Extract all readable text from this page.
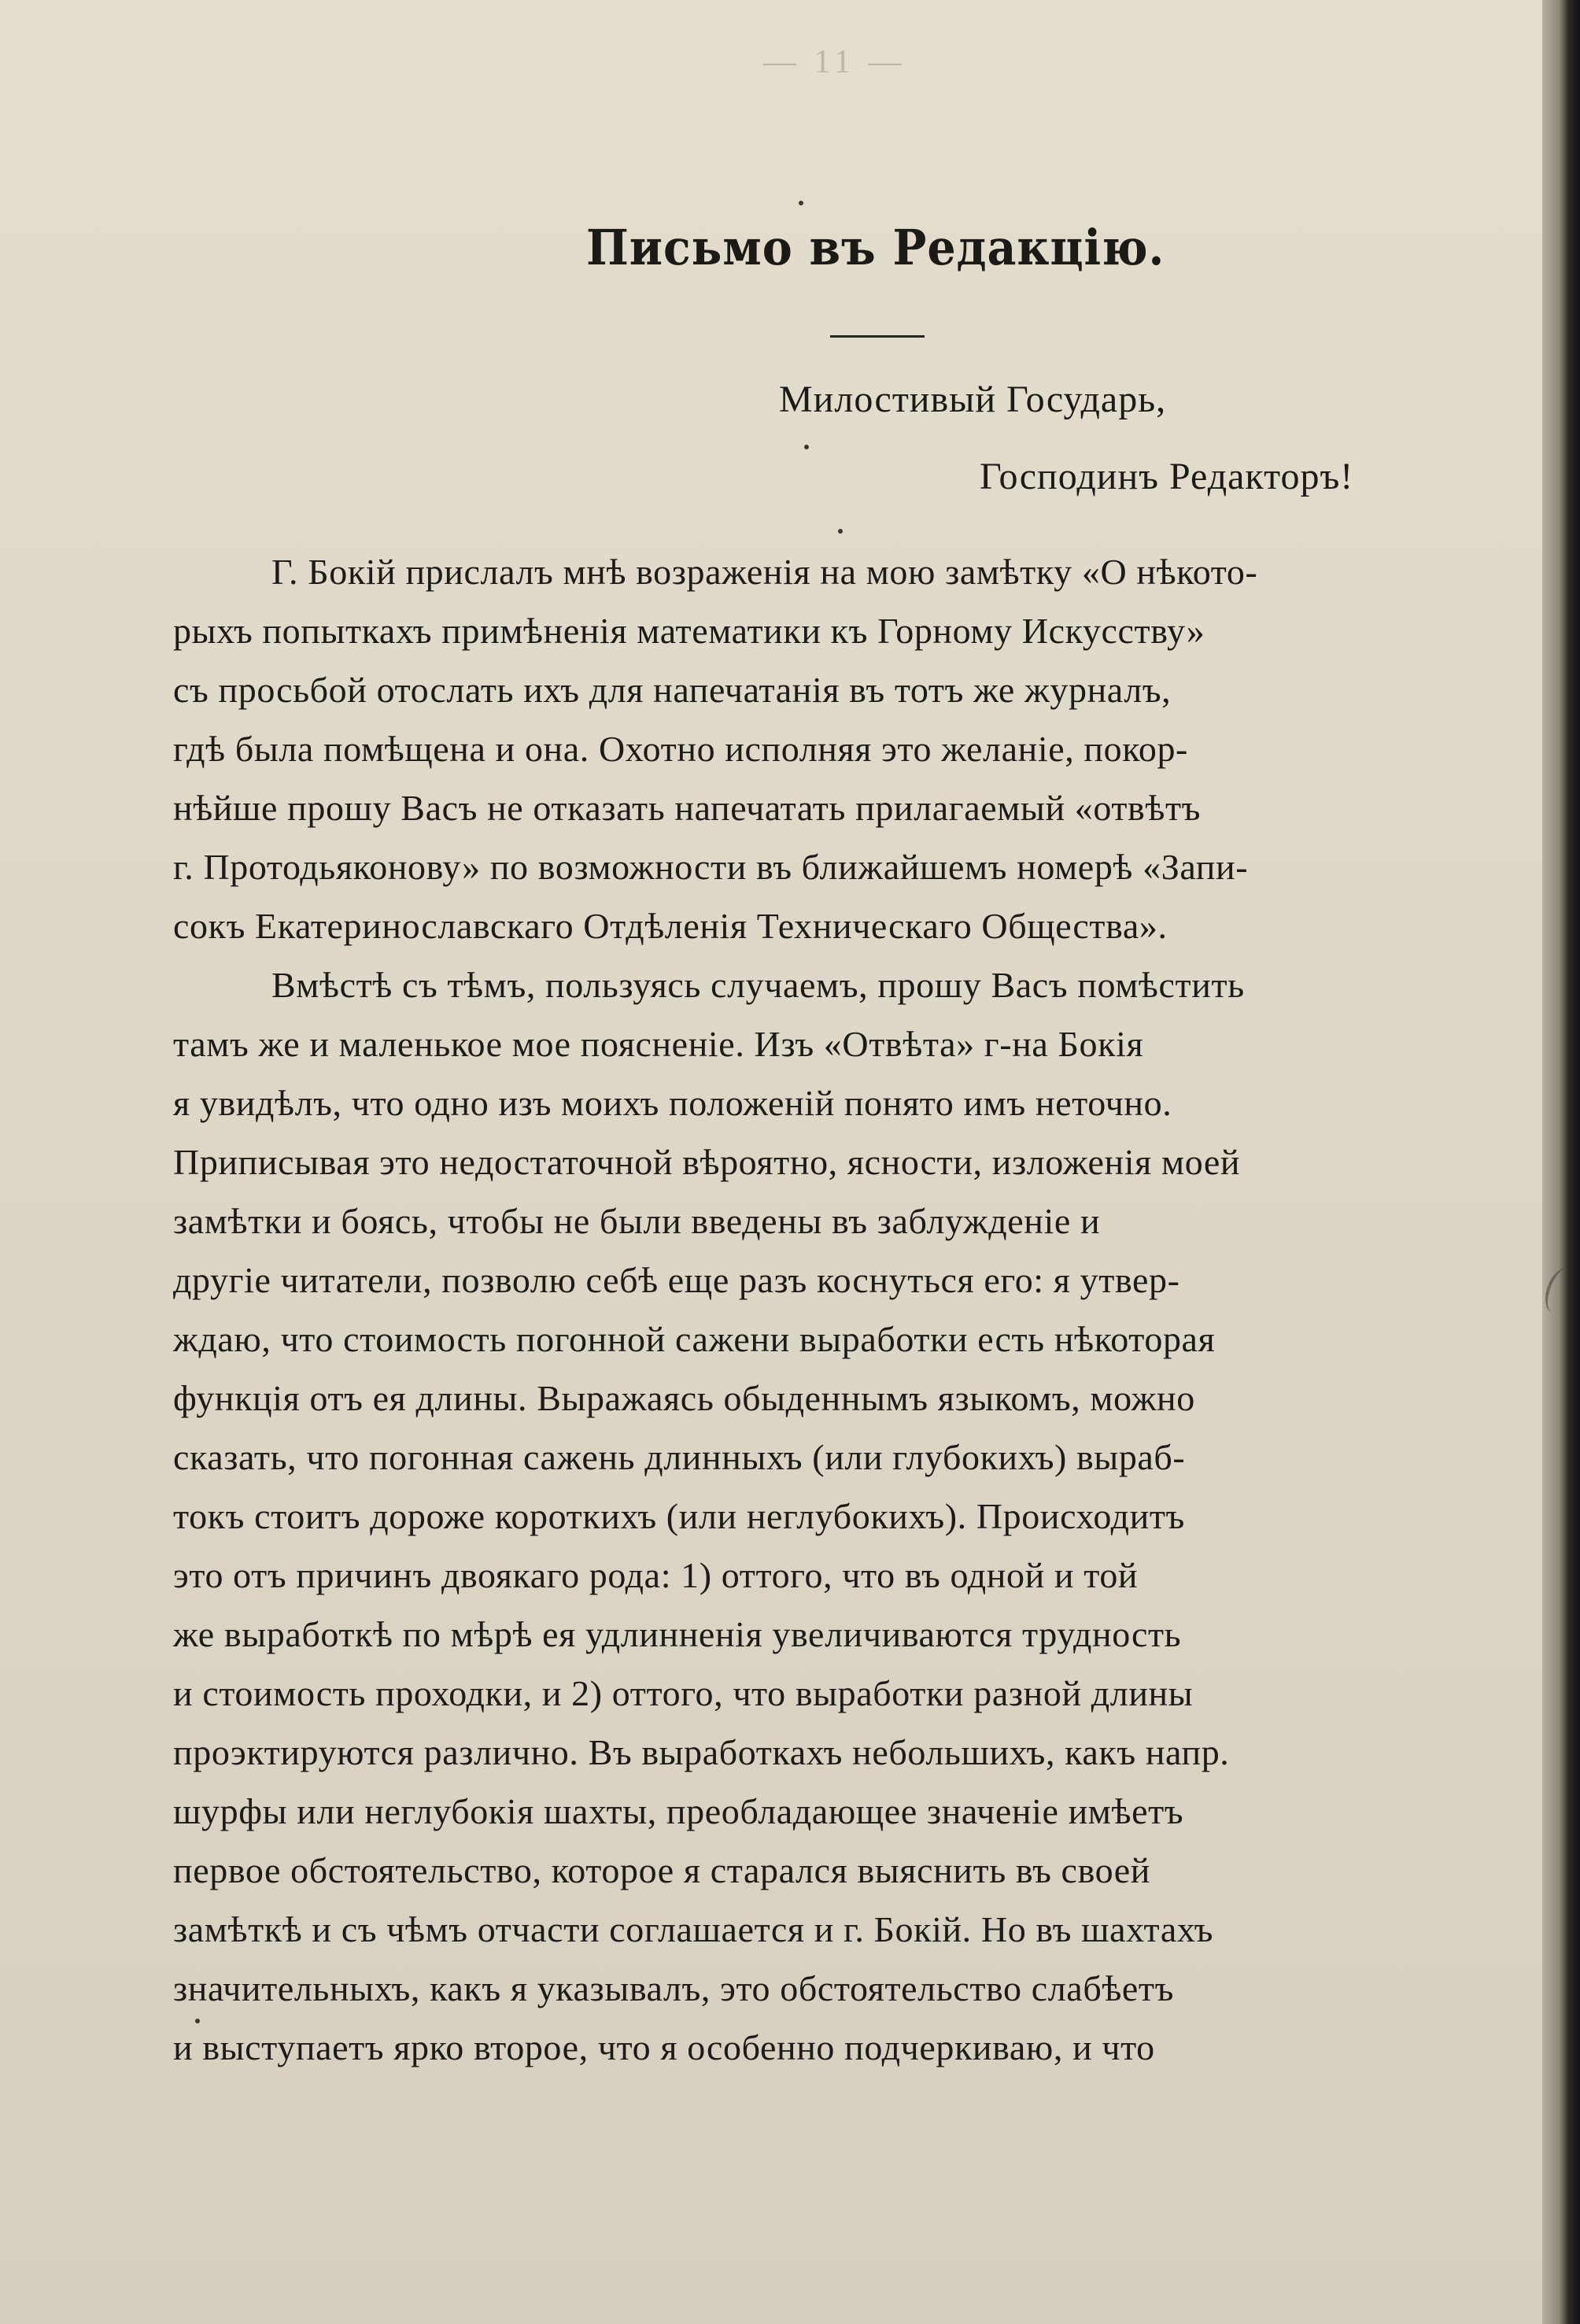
— 11 —

Письмо въ Редакцію.
Милостивый Государь,
Господинъ Редакторъ!
Г. Бокій прислалъ мнѣ возраженія на мою замѣтку «О нѣкото-
рыхъ попыткахъ примѣненія математики къ Горному Искусству»
съ просьбой отослать ихъ для напечатанія въ тотъ же журналъ,
гдѣ была помѣщена и она. Охотно исполняя это желаніе, покор-
нѣйше прошу Васъ не отказать напечатать прилагаемый «отвѣтъ
г. Протодьяконову» по возможности въ ближайшемъ номерѣ «Запи-
сокъ Екатеринославскаго Отдѣленія Техническаго Общества».
Вмѣстѣ съ тѣмъ, пользуясь случаемъ, прошу Васъ помѣстить
тамъ же и маленькое мое поясненіе. Изъ «Отвѣта» г-на Бокія
я увидѣлъ, что одно изъ моихъ положеній понято имъ неточно.
Приписывая это недостаточной вѣроятно, ясности, изложенія моей
замѣтки и боясь, чтобы не были введены въ заблужденіе и
другіе читатели, позволю себѣ еще разъ коснуться его: я утвер-
ждаю, что стоимость погонной сажени выработки есть нѣкоторая
функція отъ ея длины. Выражаясь обыденнымъ языкомъ, можно
сказать, что погонная сажень длинныхъ (или глубокихъ) выраб-
токъ стоитъ дороже короткихъ (или неглубокихъ). Происходитъ
это отъ причинъ двоякаго рода: 1) оттого, что въ одной и той
же выработкѣ по мѣрѣ ея удлинненія увеличиваются трудность
и стоимость проходки, и 2) оттого, что выработки разной длины
проэктируются различно. Въ выработкахъ небольшихъ, какъ напр.
шурфы или неглубокія шахты, преобладающее значеніе имѣетъ
первое обстоятельство, которое я старался выяснить въ своей
замѣткѣ и съ чѣмъ отчасти соглашается и г. Бокій. Но въ шахтахъ
значительныхъ, какъ я указывалъ, это обстоятельство слабѣетъ
и выступаетъ ярко второе, что я особенно подчеркиваю, и что
